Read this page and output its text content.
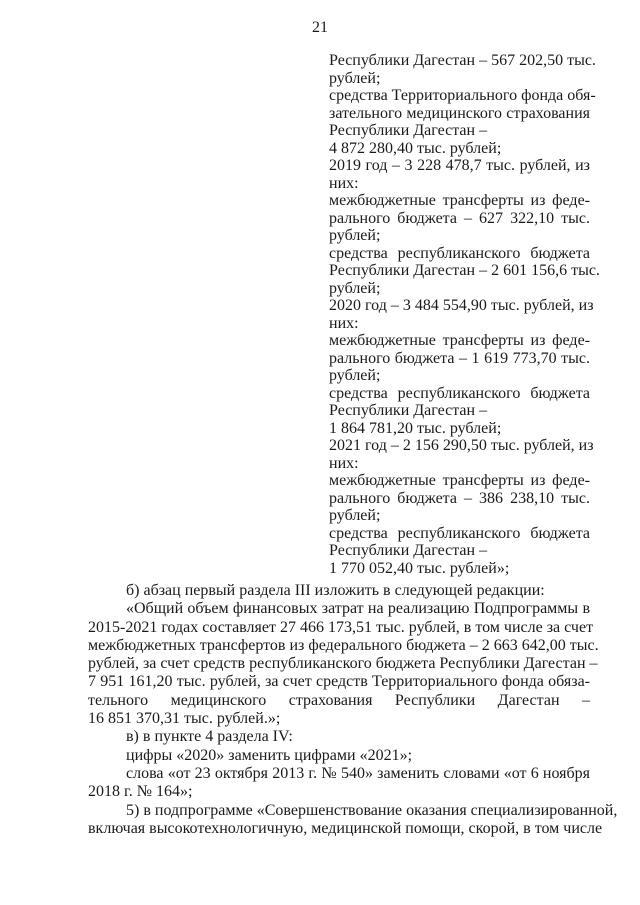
21
Республики Дагестан – 567 202,50 тыс.
рублей;
средства Территориального фонда обя-
зательного медицинского страхования
Республики Дагестан –
4 872 280,40 тыс. рублей;
2019 год – 3 228 478,7 тыс. рублей, из
них:
межбюджетные трансферты из феде-
рального бюджета – 627 322,10 тыс.
рублей;
средства республиканского бюджета
Республики Дагестан – 2 601 156,6 тыс.
рублей;
2020 год – 3 484 554,90 тыс. рублей, из
них:
межбюджетные трансферты из феде-
рального бюджета – 1 619 773,70 тыс.
рублей;
средства республиканского бюджета
Республики Дагестан –
1 864 781,20 тыс. рублей;
2021 год – 2 156 290,50 тыс. рублей, из
них:
межбюджетные трансферты из феде-
рального бюджета – 386 238,10 тыс.
рублей;
средства республиканского бюджета
Республики Дагестан –
1 770 052,40 тыс. рублей»;
б) абзац первый раздела III изложить в следующей редакции:
«Общий объем финансовых затрат на реализацию Подпрограммы в
2015-2021 годах составляет 27 466 173,51 тыс. рублей, в том числе за счет
межбюджетных трансфертов из федерального бюджета – 2 663 642,00 тыс.
рублей, за счет средств республиканского бюджета Республики Дагестан –
7 951 161,20 тыс. рублей, за счет средств Территориального фонда обяза-
тельного медицинского страхования Республики Дагестан –
16 851 370,31 тыс. рублей.»;
в) в пункте 4 раздела IV:
цифры «2020» заменить цифрами «2021»;
слова «от 23 октября 2013 г. № 540» заменить словами «от 6 ноября
2018 г. № 164»;
5) в подпрограмме «Совершенствование оказания специализированной,
включая высокотехнологичную, медицинской помощи, скорой, в том числе
